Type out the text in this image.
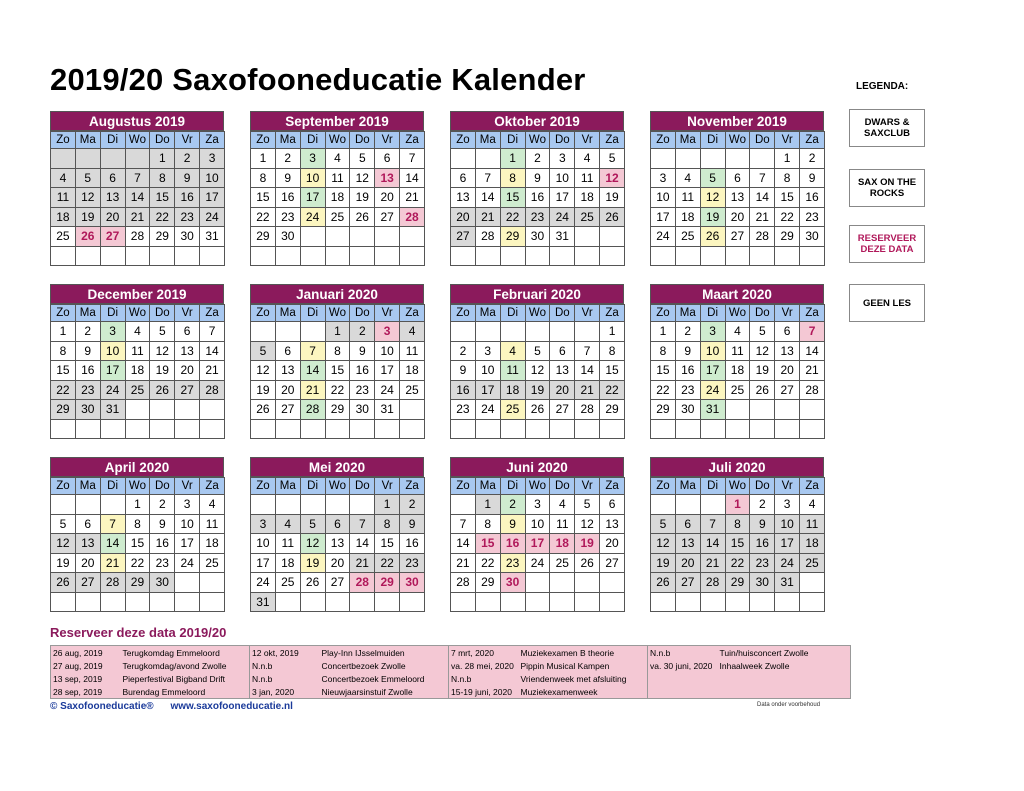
2019/20 Saxofooneducatie Kalender	LEGENDA:
DWARS & SAXCLUB
SAX ON THE ROCKS
RESERVEER DEZE DATA
GEEN LES
Augustus 2019
Zo	Ma	Di	Wo	Do	Vr	Za
				1	2	3
4	5	6	7	8	9	10
11	12	13	14	15	16	17
18	19	20	21	22	23	24
25	26	27	28	29	30	31

September 2019
Zo	Ma	Di	Wo	Do	Vr	Za
1	2	3	4	5	6	7
8	9	10	11	12	13	14
15	16	17	18	19	20	21
22	23	24	25	26	27	28
29	30					

Oktober 2019
Zo	Ma	Di	Wo	Do	Vr	Za
		1	2	3	4	5
6	7	8	9	10	11	12
13	14	15	16	17	18	19
20	21	22	23	24	25	26
27	28	29	30	31		

November 2019
Zo	Ma	Di	Wo	Do	Vr	Za
					1	2
3	4	5	6	7	8	9
10	11	12	13	14	15	16
17	18	19	20	21	22	23
24	25	26	27	28	29	30

December 2019
Zo	Ma	Di	Wo	Do	Vr	Za
1	2	3	4	5	6	7
8	9	10	11	12	13	14
15	16	17	18	19	20	21
22	23	24	25	26	27	28
29	30	31				

Januari 2020
Zo	Ma	Di	Wo	Do	Vr	Za
			1	2	3	4
5	6	7	8	9	10	11
12	13	14	15	16	17	18
19	20	21	22	23	24	25
26	27	28	29	30	31	

Februari 2020
Zo	Ma	Di	Wo	Do	Vr	Za
						1
2	3	4	5	6	7	8
9	10	11	12	13	14	15
16	17	18	19	20	21	22
23	24	25	26	27	28	29

Maart 2020
Zo	Ma	Di	Wo	Do	Vr	Za
1	2	3	4	5	6	7
8	9	10	11	12	13	14
15	16	17	18	19	20	21
22	23	24	25	26	27	28
29	30	31				

April 2020
Zo	Ma	Di	Wo	Do	Vr	Za
			1	2	3	4
5	6	7	8	9	10	11
12	13	14	15	16	17	18
19	20	21	22	23	24	25
26	27	28	29	30		

Mei 2020
Zo	Ma	Di	Wo	Do	Vr	Za
					1	2
3	4	5	6	7	8	9
10	11	12	13	14	15	16
17	18	19	20	21	22	23
24	25	26	27	28	29	30
31						
Juni 2020
Zo	Ma	Di	Wo	Do	Vr	Za
	1	2	3	4	5	6
7	8	9	10	11	12	13
14	15	16	17	18	19	20
21	22	23	24	25	26	27
28	29	30				

Juli 2020
Zo	Ma	Di	Wo	Do	Vr	Za
			1	2	3	4
5	6	7	8	9	10	11
12	13	14	15	16	17	18
19	20	21	22	23	24	25
26	27	28	29	30	31	

Reserveer deze data 2019/20
26 aug, 2019	Terugkomdag Emmeloord	12 okt, 2019	Play-Inn IJsselmuiden	7 mrt, 2020	Muziekexamen B theorie	N.n.b	Tuin/huisconcert Zwolle
27 aug, 2019	Terugkomdag/avond Zwolle	N.n.b	Concertbezoek Zwolle	va. 28 mei, 2020	Pippin Musical Kampen	va. 30 juni, 2020	Inhaalweek Zwolle
13 sep, 2019	Pieperfestival Bigband Drift	N.n.b	Concertbezoek Emmeloord	N.n.b	Vriendenweek met afsluiting		
28 sep, 2019	Burendag Emmeloord	3 jan, 2020	Nieuwjaarsinstuif Zwolle	15-19 juni, 2020	Muziekexamenweek		
© Saxofooneducatie® www.saxofooneducatie.nl	Data onder voorbehoud
